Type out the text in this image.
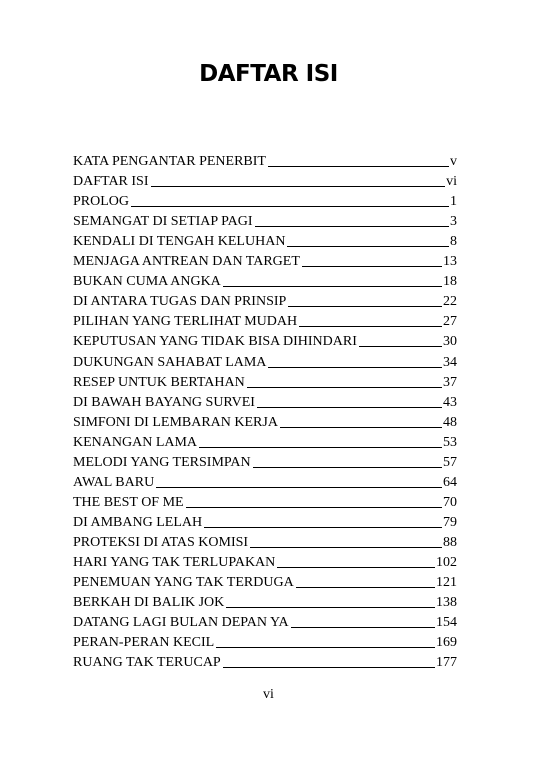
DAFTAR ISI
KATA PENGANTAR PENERBIT	v
DAFTAR ISI	vi
PROLOG	1
SEMANGAT DI SETIAP PAGI	3
KENDALI DI TENGAH KELUHAN	8
MENJAGA ANTREAN DAN TARGET	13
BUKAN CUMA ANGKA	18
DI ANTARA TUGAS DAN PRINSIP	22
PILIHAN YANG TERLIHAT MUDAH	27
KEPUTUSAN YANG TIDAK BISA DIHINDARI	30
DUKUNGAN SAHABAT LAMA	34
RESEP UNTUK BERTAHAN	37
DI BAWAH BAYANG SURVEI	43
SIMFONI DI LEMBARAN KERJA	48
KENANGAN LAMA	53
MELODI YANG TERSIMPAN	57
AWAL BARU	64
THE BEST OF ME	70
DI AMBANG LELAH	79
PROTEKSI DI ATAS KOMISI	88
HARI YANG TAK TERLUPAKAN	102
PENEMUAN YANG TAK TERDUGA	121
BERKAH DI BALIK JOK	138
DATANG LAGI BULAN DEPAN YA	154
PERAN-PERAN KECIL	169
RUANG TAK TERUCAP	177
vi
